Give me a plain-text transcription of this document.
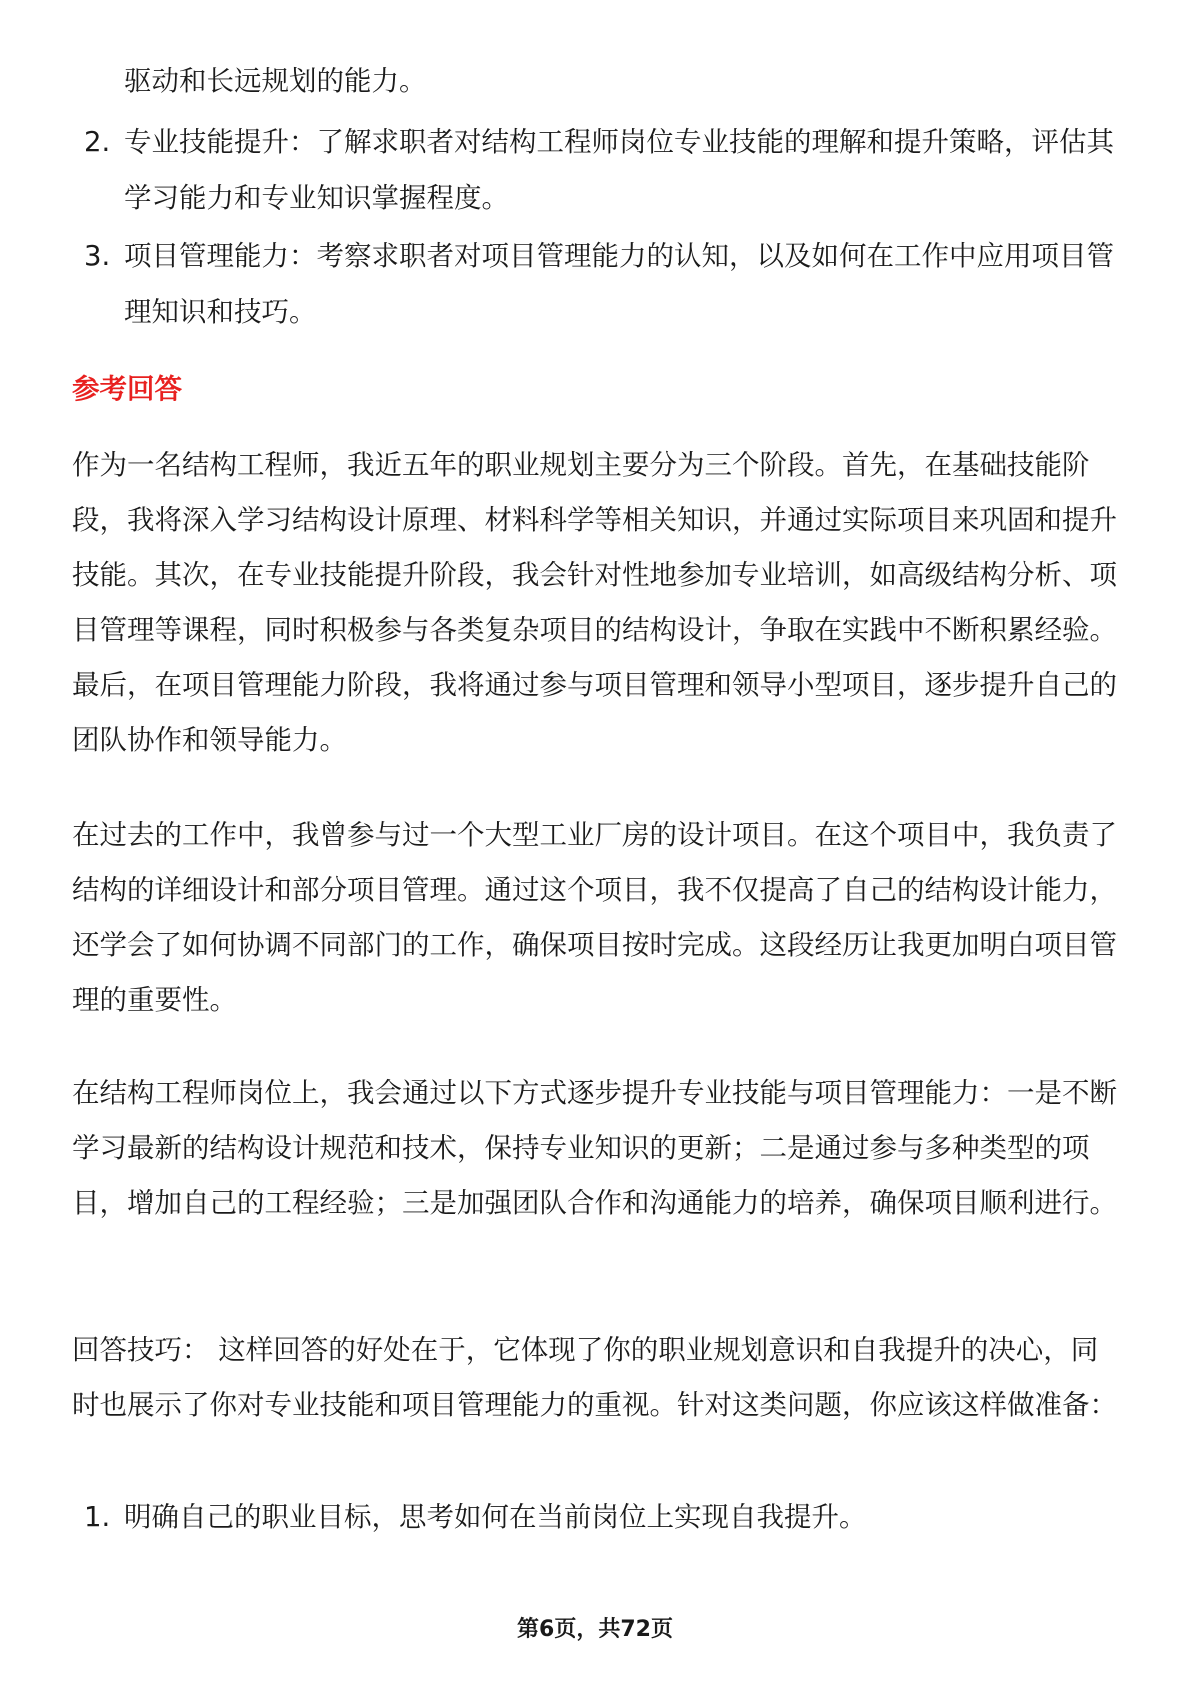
驱动和长远规划的能力。
2. 专业技能提升：了解求职者对结构工程师岗位专业技能的理解和提升策略，评估其学习能力和专业知识掌握程度。
3. 项目管理能力：考察求职者对项目管理能力的认知，以及如何在工作中应用项目管理知识和技巧。
参考回答
作为一名结构工程师，我近五年的职业规划主要分为三个阶段。首先，在基础技能阶段，我将深入学习结构设计原理、材料科学等相关知识，并通过实际项目来巩固和提升技能。其次，在专业技能提升阶段，我会针对性地参加专业培训，如高级结构分析、项目管理等课程，同时积极参与各类复杂项目的结构设计，争取在实践中不断积累经验。最后，在项目管理能力阶段，我将通过参与项目管理和领导小型项目，逐步提升自己的团队协作和领导能力。
在过去的工作中，我曾参与过一个大型工业厂房的设计项目。在这个项目中，我负责了结构的详细设计和部分项目管理。通过这个项目，我不仅提高了自己的结构设计能力，还学会了如何协调不同部门的工作，确保项目按时完成。这段经历让我更加明白项目管理的重要性。
在结构工程师岗位上，我会通过以下方式逐步提升专业技能与项目管理能力：一是不断学习最新的结构设计规范和技术，保持专业知识的更新；二是通过参与多种类型的项目，增加自己的工程经验；三是加强团队合作和沟通能力的培养，确保项目顺利进行。
回答技巧： 这样回答的好处在于，它体现了你的职业规划意识和自我提升的决心，同时也展示了你对专业技能和项目管理能力的重视。针对这类问题，你应该这样做准备：
1. 明确自己的职业目标，思考如何在当前岗位上实现自我提升。
第6页，共72页
